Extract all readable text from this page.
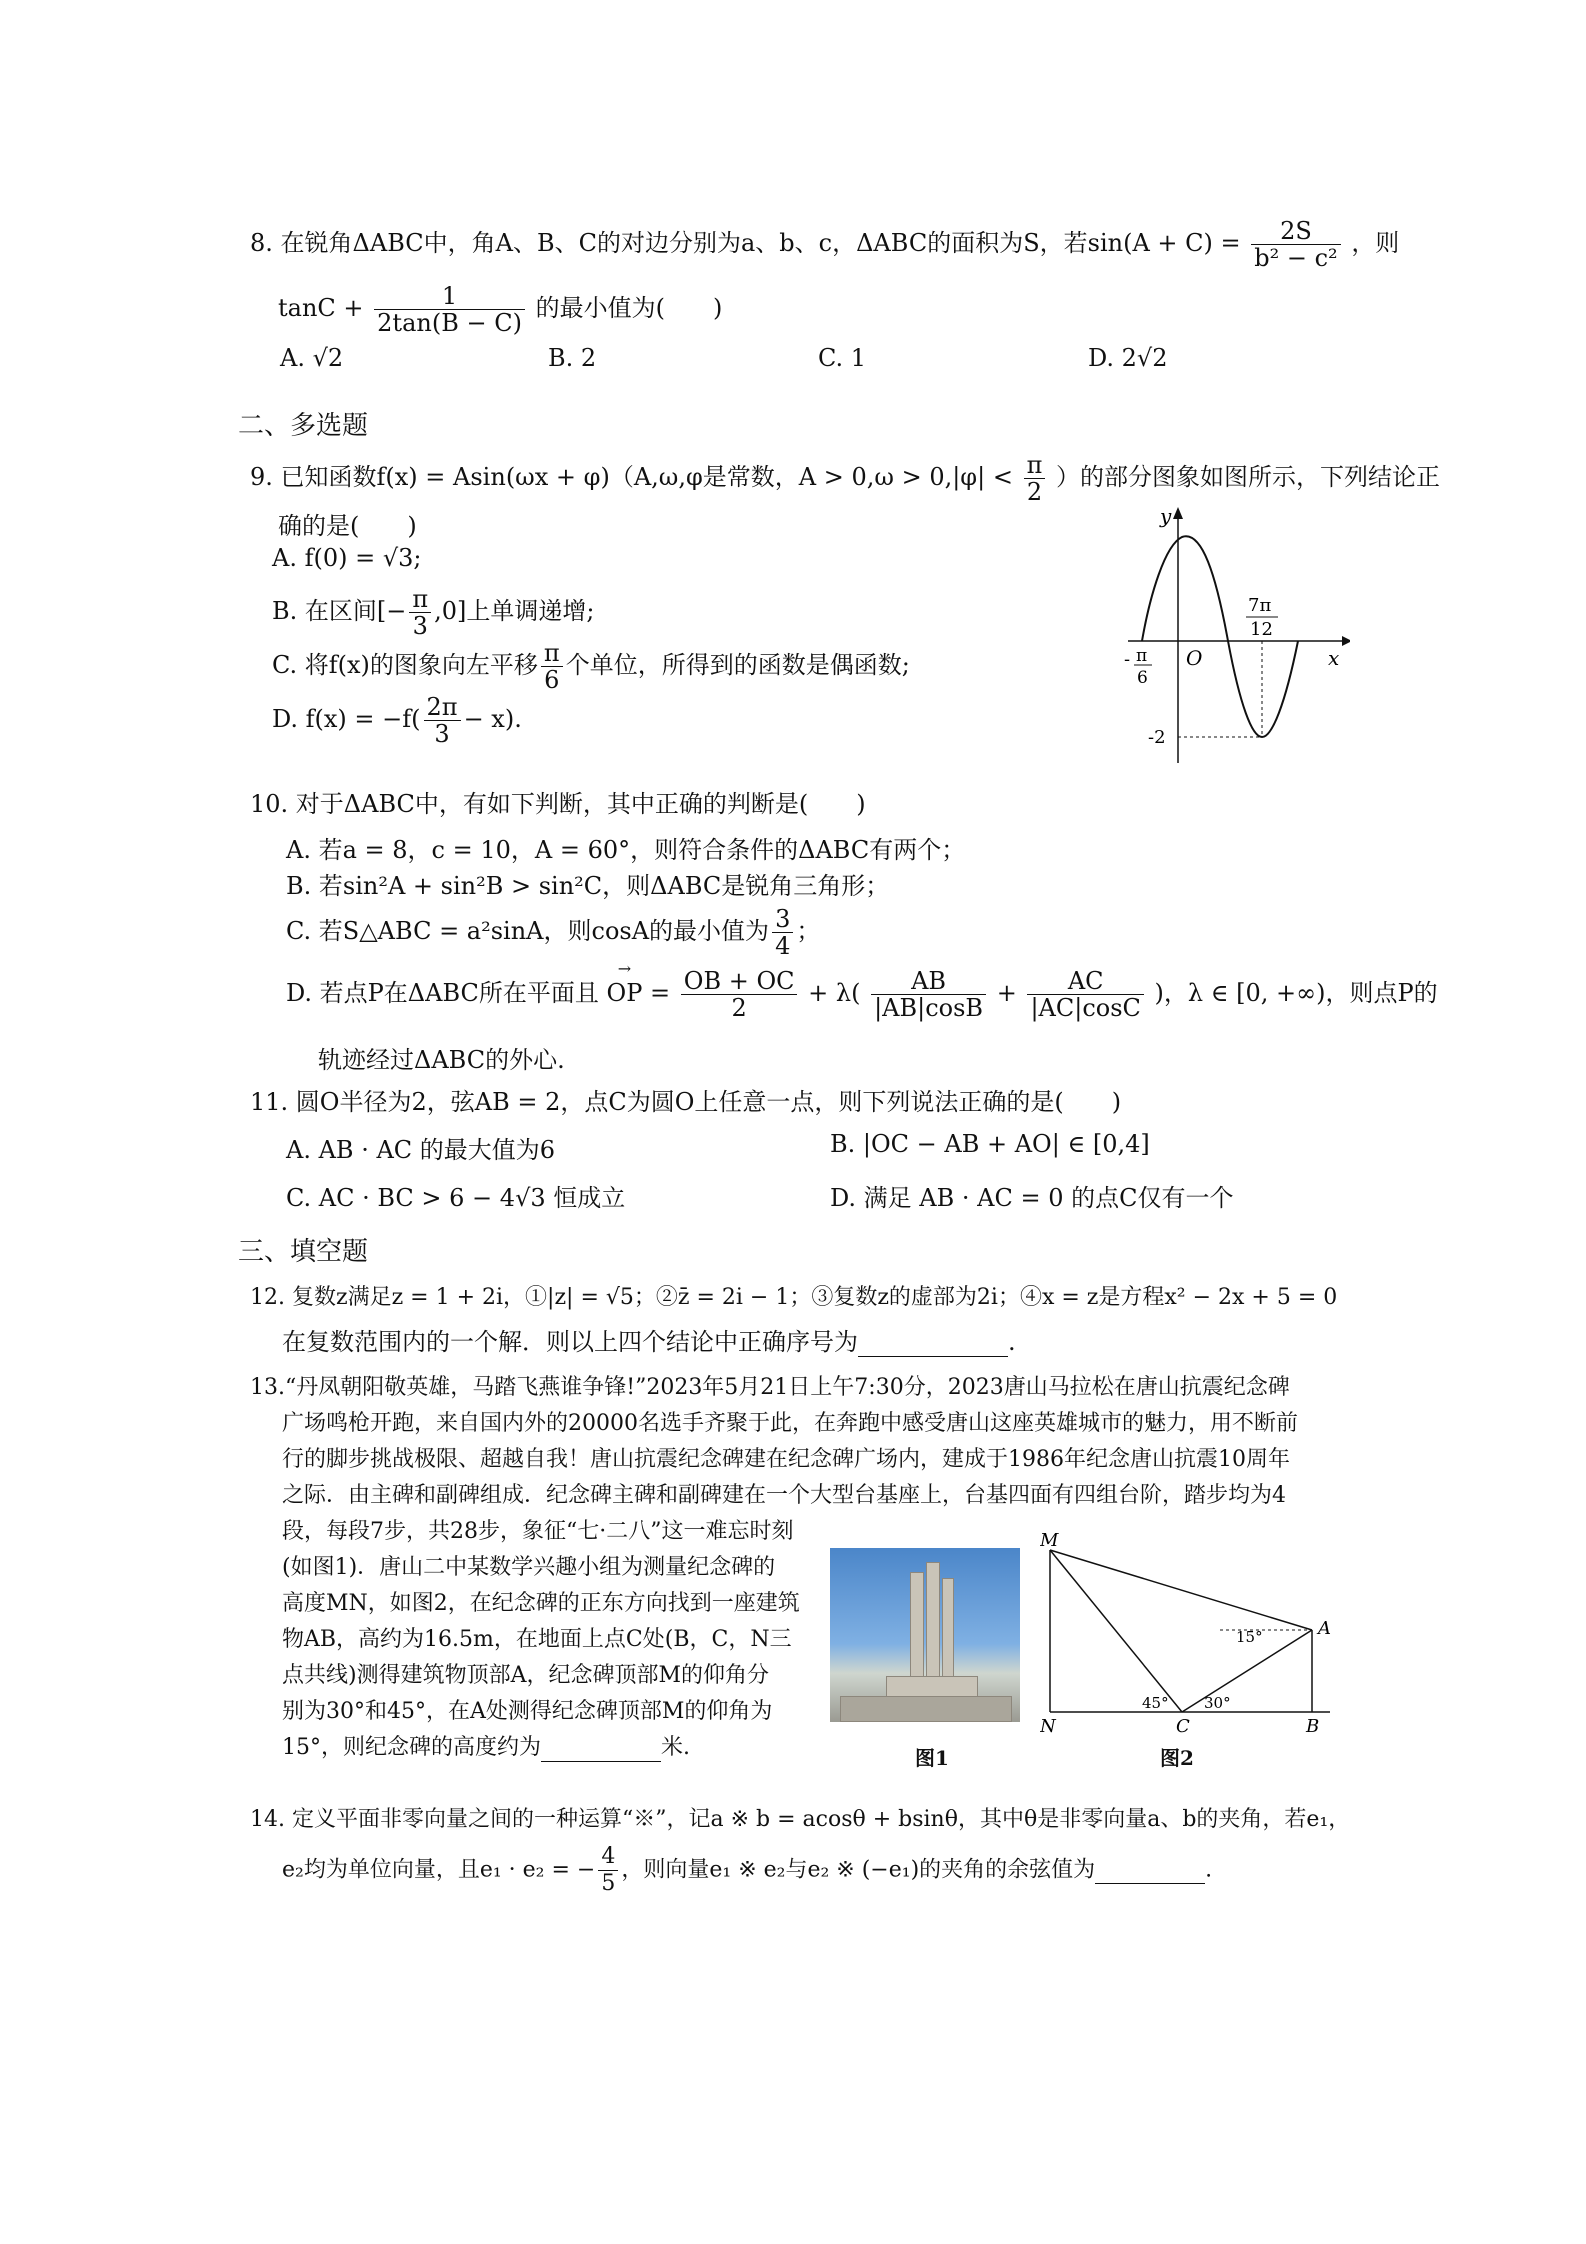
8. 在锐角ΔABC中，角A、B、C的对边分别为a、b、c，ΔABC的面积为S，若$\sin(A + C) = \frac{2S}{\text{b² − c²}}$ ，则
$\tan C + \frac{1}{2\tan(B - C)}$ 的最小值为(　　)
A. √2	B. 2	C. 1	D. 2√2
二、多选题
9. 已知函数f(x) = Asin(ωx + φ)（A,ω,φ是常数，$A > 0,\omega > 0,|\varphi| < \frac{\pi}{2}$ ）的部分图象如图所示，下列结论正
确的是(　　)
A. f(0) = √3;
B. 在区间[− $\frac{\pi}{3} ,0$]上单调递增;
C. 将f(x)的图象向左平移 $\frac{\pi}{6}$ 个单位，所得到的函数是偶函数;
D. $f(x) = -f( \frac{2\pi}{3} - x)$.
y
x
O
- π
6
7π
12
-2
10. 对于ΔABC中，有如下判断，其中正确的判断是(　　)
A. 若a = 8，c = 10，A = 60°，则符合条件的ΔABC有两个；
B. 若sin²A + sin²B > sin²C，则ΔABC是锐角三角形；
C. 若S△ABC = a²sinA，则cosA的最小值为 $\frac{3}{4}$ ；
D. 若点P在ΔABC所在平面且 → OP = $\frac{OB + OC}{2} + \lambda( \frac{AB}{|AB|\cos B} + \frac{AC}{|AC|\cos C}$ )，λ ∈ [0, +∞)，则点P的
轨迹经过ΔABC的外心.
11. 圆O半径为2，弦AB = 2，点C为圆O上任意一点，则下列说法正确的是(　　)
A. AB · AC 的最大值为6	B. |OC − AB + AO| ∈ [0,4]
C. AC · BC > 6 − 4√3 恒成立	D. 满足 AB · AC = 0 的点C仅有一个
三、填空题
12. 复数z满足z = 1 + 2i，①|z| = √5；②z̄ = 2i − 1；③复数z的虚部为2i；④x = z是方程x² − 2x + 5 = 0
在复数范围内的一个解．则以上四个结论中正确序号为	.
13.“丹凤朝阳敬英雄，马踏飞燕谁争锋!”2023年5月21日上午7:30分，2023唐山马拉松在唐山抗震纪念碑
广场鸣枪开跑，来自国内外的20000名选手齐聚于此，在奔跑中感受唐山这座英雄城市的魅力，用不断前
行的脚步挑战极限、超越自我！唐山抗震纪念碑建在纪念碑广场内，建成于1986年纪念唐山抗震10周年
之际．由主碑和副碑组成．纪念碑主碑和副碑建在一个大型台基座上，台基四面有四组台阶，踏步均为4
段，每段7步，共28步，象征“七·二八”这一难忘时刻
(如图1)．唐山二中某数学兴趣小组为测量纪念碑的
高度MN，如图2，在纪念碑的正东方向找到一座建筑
物AB，高约为16.5m，在地面上点C处(B，C，N三
点共线)测得建筑物顶部A，纪念碑顶部M的仰角分
别为30°和45°，在A处测得纪念碑顶部M的仰角为
15°，则纪念碑的高度约为	米.	图1
M
N	C	B
A
15°
45° 30°
图2
14. 定义平面非零向量之间的一种运算“※”，记a ※ b = acosθ + bsinθ，其中θ是非零向量a、b的夹角，若e₁，
e₂均为单位向量，且e₁ · e₂ = − $\frac{4}{5}$ ，则向量e₁ ※ e₂与e₂ ※ (−e₁)的夹角的余弦值为	.
